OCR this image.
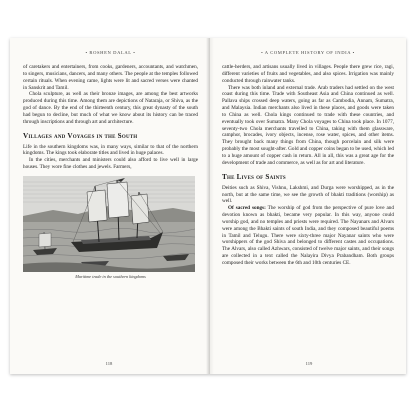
• ROSHEN DALAL •

of caretakers and entertainers, from cooks, gardeners, accountants, and watchmen, to singers, musicians, dancers, and many others. The people at the temples followed certain rituals. When evening came, lights were lit and sacred verses were chanted in Sanskrit and Tamil.

Chola sculpture, as well as their bronze images, are among the best artworks produced during this time. Among them are depictions of Nataraja, or Shiva, as the god of dance. By the end of the thirteenth century, this great dynasty of the south had begun to decline, but much of what we know about its history can be traced through inscriptions and through art and architecture.

Villages and Voyages in the South

Life in the southern kingdoms was, in many ways, similar to that of the northern kingdoms. The kings took elaborate titles and lived in huge palaces.

In the cities, merchants and ministers could also afford to live well in large houses. They wore fine clothes and jewels. Farmers,

Maritime trade in the southern kingdoms
118
• A COMPLETE HISTORY OF INDIA •

cattle-herders, and artisans usually lived in villages. People there grew rice, ragi, different varieties of fruits and vegetables, and also spices. Irrigation was mainly conducted through rainwater tanks.

There was both inland and external trade. Arab traders had settled on the west coast during this time. Trade with Southeast Asia and China continued as well. Pallava ships crossed deep waters, going as far as Cambodia, Annam, Sumatra, and Malaysia. Indian merchants also lived in these places, and goods were taken to China as well. Chola kings continued to trade with these countries, and eventually took over Sumatra. Many Chola voyages to China took place. In 1077, seventy-two Chola merchants travelled to China, taking with them glassware, camphor, brocades, ivory objects, incense, rose water, spices, and other items. They brought back many things from China, though porcelain and silk were probably the most sought-after. Gold and copper coins began to be used, which led to a huge amount of copper cash in return. All in all, this was a great age for the development of trade and commerce, as well as for art and literature.

The Lives of Saints

Deities such as Shiva, Vishnu, Lakshmi, and Durga were worshipped, as in the north, but at the same time, we see the growth of bhakti traditions (worship) as well.

Of sacred songs: The worship of god from the perspective of pure love and devotion known as bhakti, became very popular. In this way, anyone could worship god, and no temples and priests were required. The Nayanars and Alvars were among the Bhakti saints of south India, and they composed beautiful poems in Tamil and Telugu. There were sixty-three major Nayanar saints who were worshippers of the god Shiva and belonged to different castes and occupations. The Alvars, also called Azhwars, consisted of twelve major saints, and their songs are collected in a text called the Nalayira Divya Prabandham. Both groups composed their works between the 6th and 10th centuries CE.

119
